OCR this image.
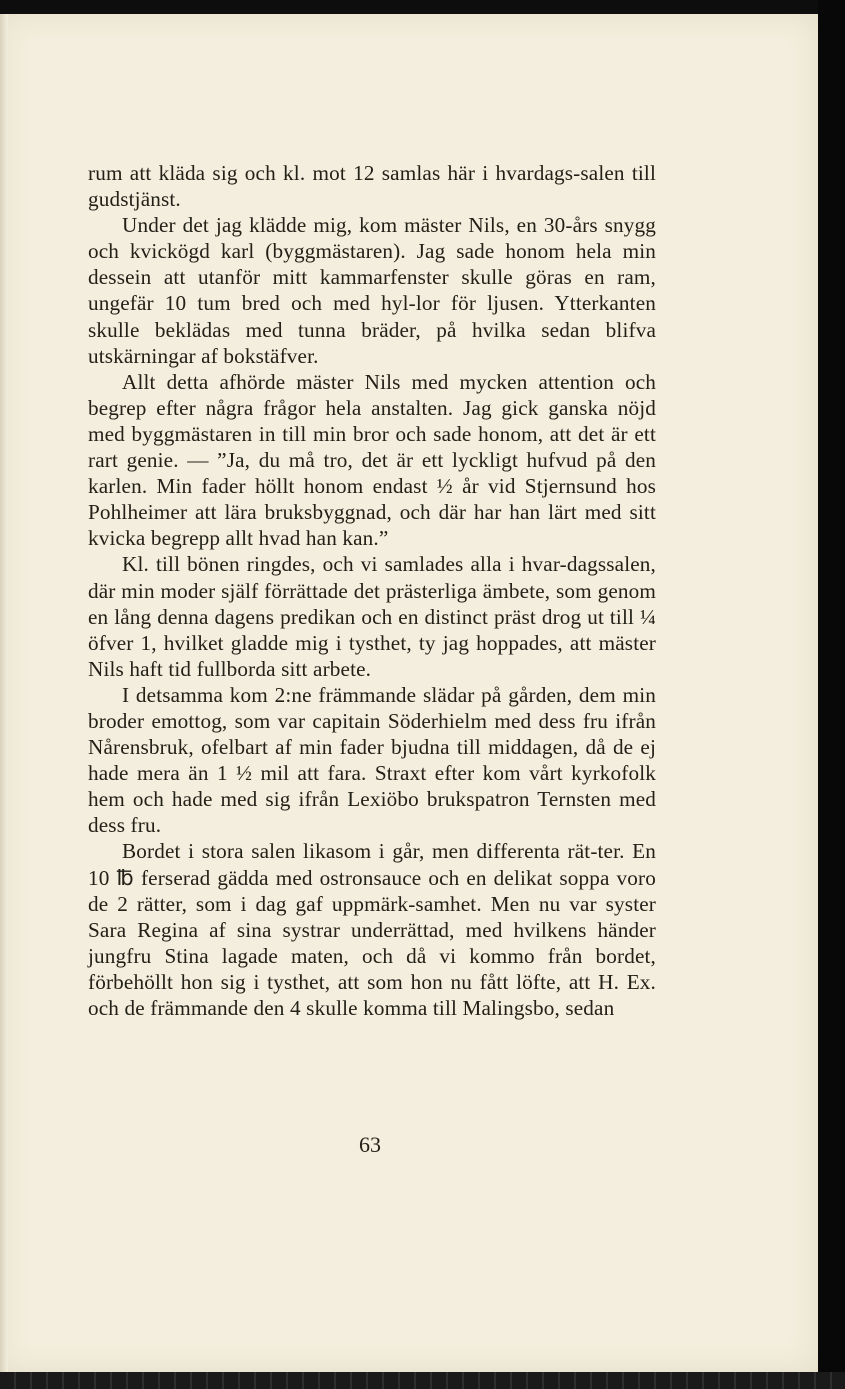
rum att kläda sig och kl. mot 12 samlas här i hvardags-salen till gudstjänst.

Under det jag klädde mig, kom mäster Nils, en 30-års snygg och kvickögd karl (byggmästaren). Jag sade honom hela min dessein att utanför mitt kammarfenster skulle göras en ram, ungefär 10 tum bred och med hyl-lor för ljusen. Ytterkanten skulle beklädas med tunna bräder, på hvilka sedan blifva utskärningar af bokstäfver.

Allt detta afhörde mäster Nils med mycken attention och begrep efter några frågor hela anstalten. Jag gick ganska nöjd med byggmästaren in till min bror och sade honom, att det är ett rart genie. — ”Ja, du må tro, det är ett lyckligt hufvud på den karlen. Min fader höllt honom endast ½ år vid Stjernsund hos Pohlheimer att lära bruksbyggnad, och där har han lärt med sitt kvicka begrepp allt hvad han kan.”

Kl. till bönen ringdes, och vi samlades alla i hvar-dagssalen, där min moder själf förrättade det prästerliga ämbete, som genom en lång denna dagens predikan och en distinct präst drog ut till ¼ öfver 1, hvilket gladde mig i tysthet, ty jag hoppades, att mäster Nils haft tid fullborda sitt arbete.

I detsamma kom 2:ne främmande slädar på gården, dem min broder emottog, som var capitain Söderhielm med dess fru ifrån Nårensbruk, ofelbart af min fader bjudna till middagen, då de ej hade mera än 1 ½ mil att fara. Straxt efter kom vårt kyrkofolk hem och hade med sig ifrån Lexiöbo brukspatron Ternsten med dess fru.

Bordet i stora salen likasom i går, men differenta rät-ter. En 10 ℔ ferserad gädda med ostronsauce och en delikat soppa voro de 2 rätter, som i dag gaf uppmärk-samhet. Men nu var syster Sara Regina af sina systrar underrättad, med hvilkens händer jungfru Stina lagade maten, och då vi kommo från bordet, förbehöllt hon sig i tysthet, att som hon nu fått löfte, att H. Ex. och de främmande den 4 skulle komma till Malingsbo, sedan

63
